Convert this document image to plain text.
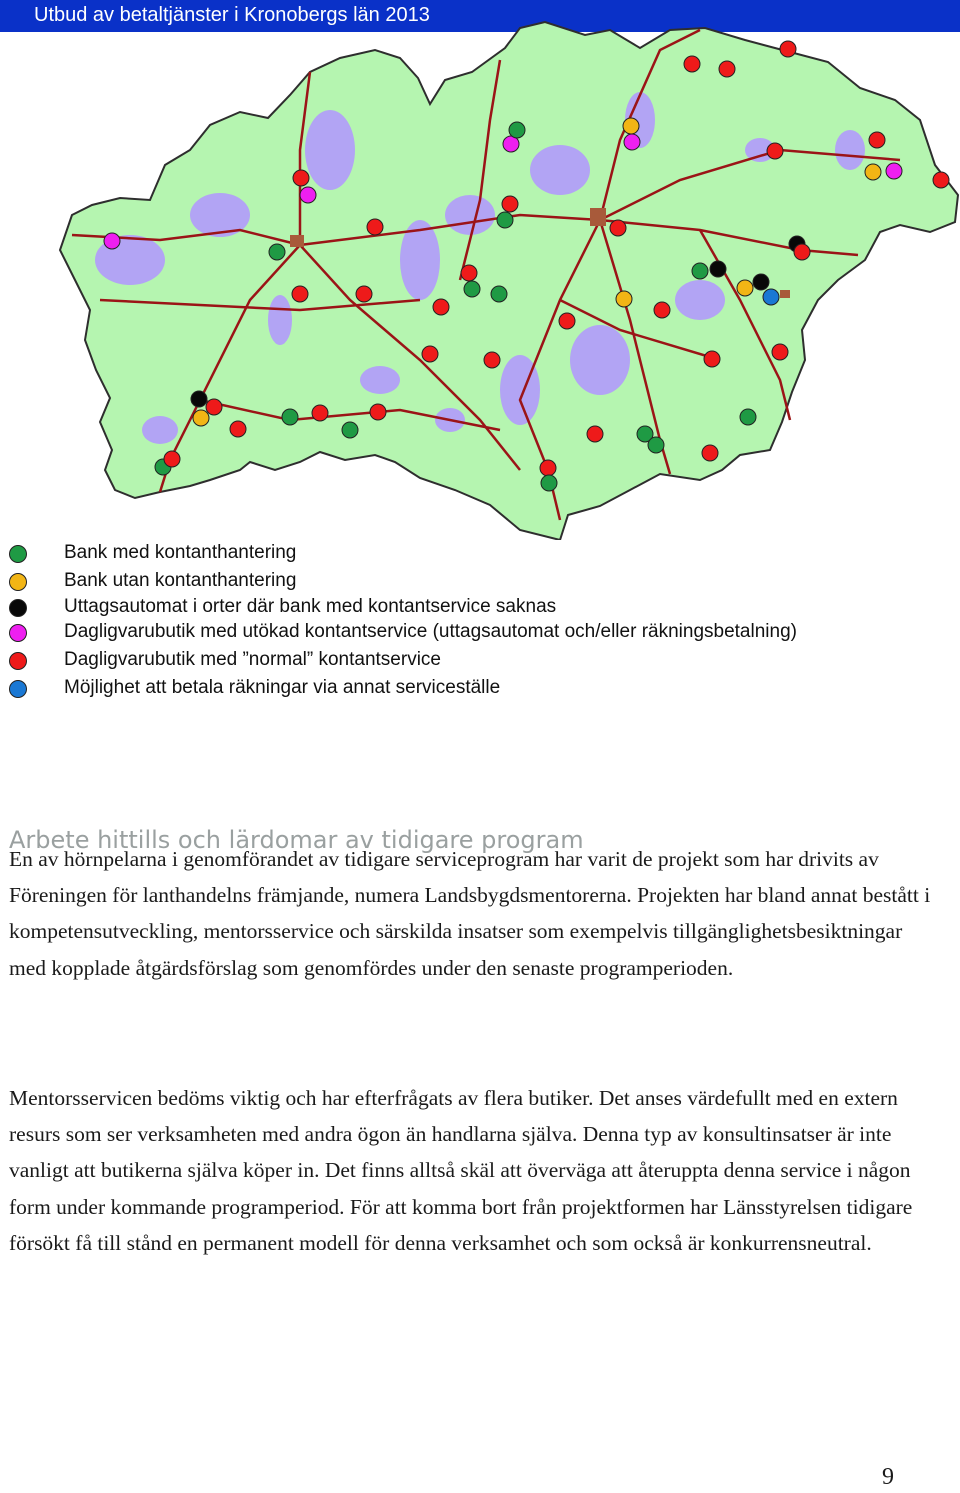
Utbud av betaltjänster i Kronobergs län 2013
Bank med kontanthantering
Bank utan kontanthantering
Uttagsautomat i orter där bank med kontantservice saknas
Dagligvarubutik med utökad kontantservice (uttagsautomat och/eller räkningsbetalning)
Dagligvarubutik med ”normal” kontantservice
Möjlighet att betala räkningar via annat serviceställe
Arbete hittills och lärdomar av tidigare program

En av hörnpelarna i genomförandet av tidigare serviceprogram har varit de projekt som har drivits av Föreningen för lanthandelns främjande, numera Landsbygdsmentorerna. Projekten har bland annat bestått i kompetensutveckling, mentorsservice och särskilda insatser som exempelvis tillgänglighetsbesiktningar med kopplade åtgärdsförslag som genomfördes under den senaste programperioden.

Mentorsservicen bedöms viktig och har efterfrågats av flera butiker. Det anses värdefullt med en extern resurs som ser verksamheten med andra ögon än handlarna själva. Denna typ av konsultinsatser är inte vanligt att butikerna själva köper in. Det finns alltså skäl att överväga att återuppta denna service i någon form under kommande programperiod. För att komma bort från projektformen har Länsstyrelsen tidigare försökt få till stånd en permanent modell för denna verksamhet och som också är konkurrensneutral.

9
